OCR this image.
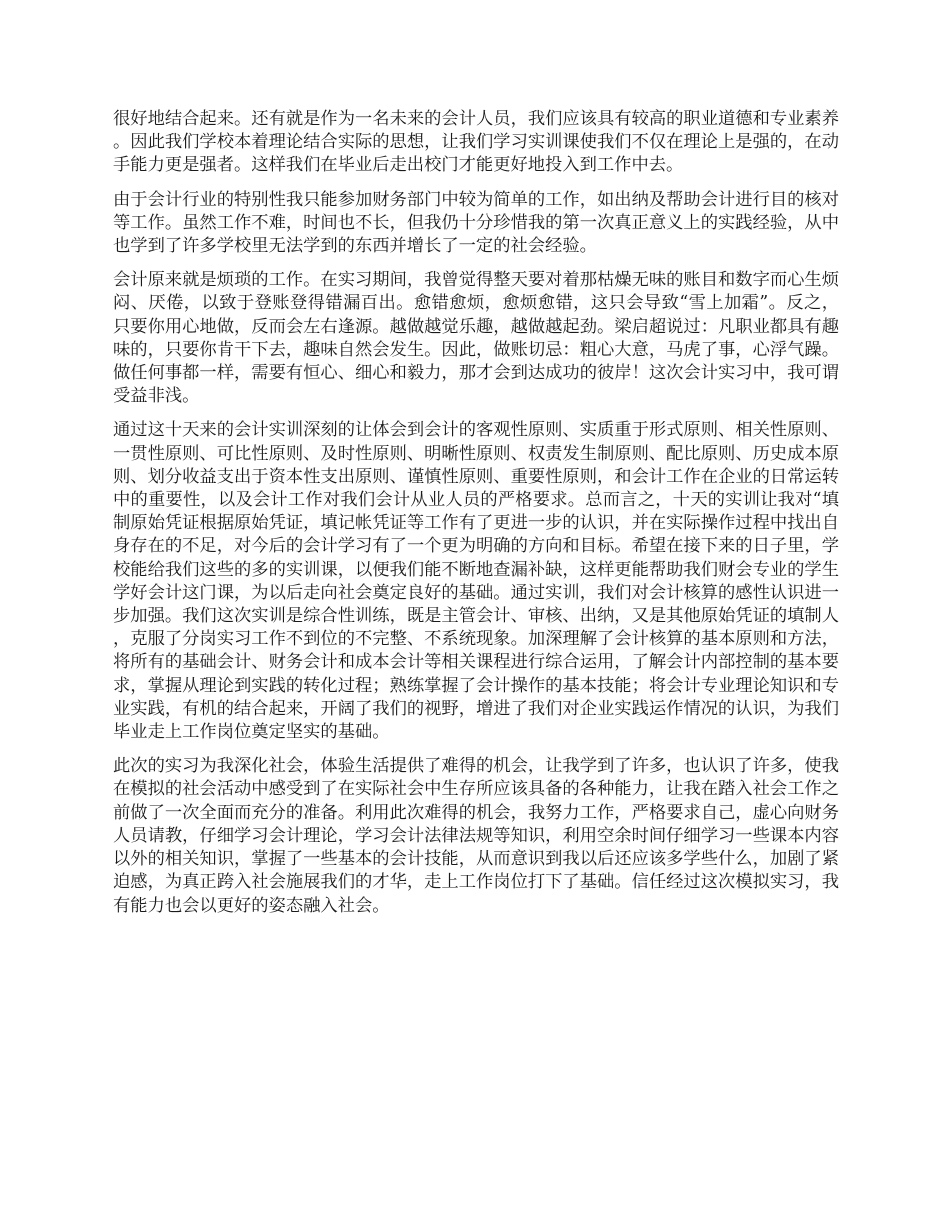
很好地结合起来。还有就是作为一名未来的会计人员，我们应该具有较高的职业道德和专业素养。因此我们学校本着理论结合实际的思想，让我们学习实训课使我们不仅在理论上是强的，在动手能力更是强者。这样我们在毕业后走出校门才能更好地投入到工作中去。

由于会计行业的特别性我只能参加财务部门中较为简单的工作，如出纳及帮助会计进行目的核对等工作。虽然工作不难，时间也不长，但我仍十分珍惜我的第一次真正意义上的实践经验，从中也学到了许多学校里无法学到的东西并增长了一定的社会经验。

会计原来就是烦琐的工作。在实习期间，我曾觉得整天要对着那枯燥无味的账目和数字而心生烦闷、厌倦，以致于登账登得错漏百出。愈错愈烦，愈烦愈错，这只会导致“雪上加霜”。反之，只要你用心地做，反而会左右逢源。越做越觉乐趣，越做越起劲。梁启超说过：凡职业都具有趣味的，只要你肯干下去，趣味自然会发生。因此，做账切忌：粗心大意，马虎了事，心浮气躁。做任何事都一样，需要有恒心、细心和毅力，那才会到达成功的彼岸！这次会计实习中，我可谓受益非浅。

通过这十天来的会计实训深刻的让体会到会计的客观性原则、实质重于形式原则、相关性原则、一贯性原则、可比性原则、及时性原则、明晰性原则、权责发生制原则、配比原则、历史成本原则、划分收益支出于资本性支出原则、谨慎性原则、重要性原则，和会计工作在企业的日常运转中的重要性，以及会计工作对我们会计从业人员的严格要求。总而言之，十天的实训让我对“填制原始凭证根据原始凭证，填记帐凭证等工作有了更进一步的认识，并在实际操作过程中找出自身存在的不足，对今后的会计学习有了一个更为明确的方向和目标。希望在接下来的日子里，学校能给我们这些的多的实训课，以便我们能不断地查漏补缺，这样更能帮助我们财会专业的学生学好会计这门课，为以后走向社会奠定良好的基础。通过实训，我们对会计核算的感性认识进一步加强。我们这次实训是综合性训练，既是主管会计、审核、出纳，又是其他原始凭证的填制人，克服了分岗实习工作不到位的不完整、不系统现象。加深理解了会计核算的基本原则和方法，将所有的基础会计、财务会计和成本会计等相关课程进行综合运用，了解会计内部控制的基本要求，掌握从理论到实践的转化过程；熟练掌握了会计操作的基本技能；将会计专业理论知识和专业实践，有机的结合起来，开阔了我们的视野，增进了我们对企业实践运作情况的认识，为我们毕业走上工作岗位奠定坚实的基础。

此次的实习为我深化社会，体验生活提供了难得的机会，让我学到了许多，也认识了许多，使我在模拟的社会活动中感受到了在实际社会中生存所应该具备的各种能力，让我在踏入社会工作之前做了一次全面而充分的准备。利用此次难得的机会，我努力工作，严格要求自己，虚心向财务人员请教，仔细学习会计理论，学习会计法律法规等知识，利用空余时间仔细学习一些课本内容以外的相关知识，掌握了一些基本的会计技能，从而意识到我以后还应该多学些什么，加剧了紧迫感，为真正跨入社会施展我们的才华，走上工作岗位打下了基础。信任经过这次模拟实习，我有能力也会以更好的姿态融入社会。
